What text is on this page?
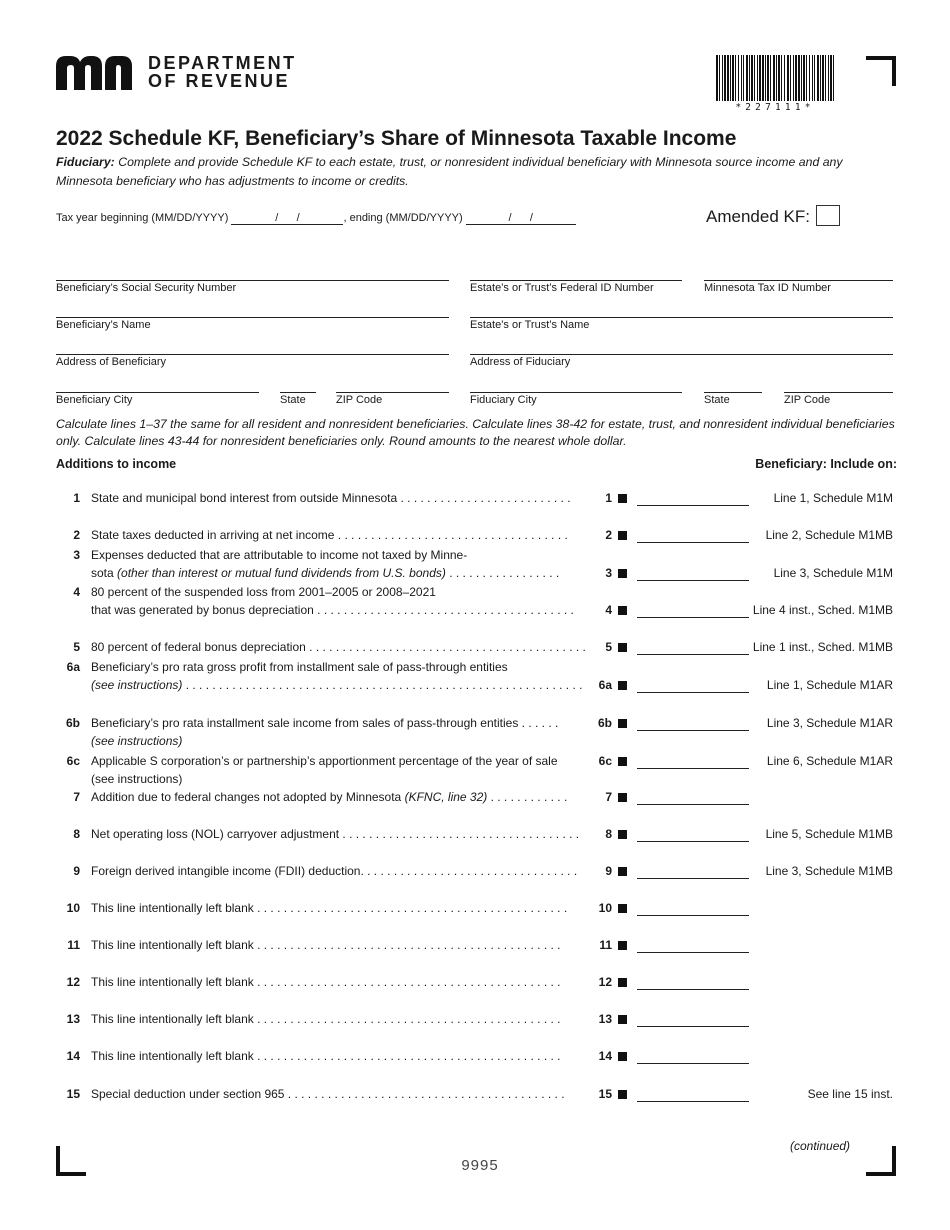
DEPARTMENT
OF REVENUE
*227111*
2022 Schedule KF, Beneficiary’s Share of Minnesota Taxable Income
Fiduciary: Complete and provide Schedule KF to each estate, trust, or nonresident individual beneficiary with Minnesota source income and any Minnesota beneficiary who has adjustments to income or credits.
Tax year beginning (MM/DD/YYYY)	/      /	, ending (MM/DD/YYYY)	/      /	Amended KF:
Beneficiary’s Social Security Number	Estate’s or Trust’s Federal ID Number	Minnesota Tax ID Number
Beneficiary’s Name	Estate’s or Trust’s Name
Address of Beneficiary	Address of Fiduciary
Beneficiary City	State	ZIP Code	Fiduciary City	State	ZIP Code
Calculate lines 1–37 the same for all resident and nonresident beneficiaries. Calculate lines 38-42 for estate, trust, and nonresident individual beneficiaries only. Calculate lines 43-44 for nonresident beneficiaries only. Round amounts to the nearest whole dollar.
Additions to income	Beneficiary: Include on:
1 State and municipal bond interest from outside Minnesota . . . . . . . . . . . . . . . . . . . . . . . . . .	1	Line 1, Schedule M1M
2 State taxes deducted in arriving at net income . . . . . . . . . . . . . . . . . . . . . . . . . . . . . . . . . . .	2	Line 2, Schedule M1MB
3 Expenses deducted that are attributable to income not taxed by Minne-
sota (other than interest or mutual fund dividends from U.S. bonds) . . . . . . . . . . . . . . . . .	3	Line 3, Schedule M1M
4 80 percent of the suspended loss from 2001–2005 or 2008–2021
that was generated by bonus depreciation . . . . . . . . . . . . . . . . . . . . . . . . . . . . . . . . . . . . . . .	4	Line 4 inst., Sched. M1MB
5 80 percent of federal bonus depreciation . . . . . . . . . . . . . . . . . . . . . . . . . . . . . . . . . . . . . . . . . .	5	Line 1 inst., Sched. M1MB
6a Beneficiary’s pro rata gross profit from installment sale of pass-through entities
(see instructions) . . . . . . . . . . . . . . . . . . . . . . . . . . . . . . . . . . . . . . . . . . . . . . . . . . . . . . . . . . . . 6a	Line 1, Schedule M1AR
6b Beneficiary’s pro rata installment sale income from sales of pass-through entities . . . . . .
(see instructions)
6b	Line 3, Schedule M1AR
6c Applicable S corporation’s or partnership’s apportionment percentage of the year of sale
(see instructions)
6c	Line 6, Schedule M1AR
7 Addition due to federal changes not adopted by Minnesota (KFNC, line 32) . . . . . . . . . . . .	7
8 Net operating loss (NOL) carryover adjustment . . . . . . . . . . . . . . . . . . . . . . . . . . . . . . . . . . . .	8	Line 5, Schedule M1MB
9 Foreign derived intangible income (FDII) deduction. . . . . . . . . . . . . . . . . . . . . . . . . . . . . . . . .	9	Line 3, Schedule M1MB
10 This line intentionally left blank . . . . . . . . . . . . . . . . . . . . . . . . . . . . . . . . . . . . . . . . . . . . . . .	10
11 This line intentionally left blank . . . . . . . . . . . . . . . . . . . . . . . . . . . . . . . . . . . . . . . . . . . . . .	11
12 This line intentionally left blank . . . . . . . . . . . . . . . . . . . . . . . . . . . . . . . . . . . . . . . . . . . . . .	12
13 This line intentionally left blank . . . . . . . . . . . . . . . . . . . . . . . . . . . . . . . . . . . . . . . . . . . . . .	13
14 This line intentionally left blank . . . . . . . . . . . . . . . . . . . . . . . . . . . . . . . . . . . . . . . . . . . . . .	14
15 Special deduction under section 965 . . . . . . . . . . . . . . . . . . . . . . . . . . . . . . . . . . . . . . . . . .	15	See line 15 inst.
(continued)
9995
